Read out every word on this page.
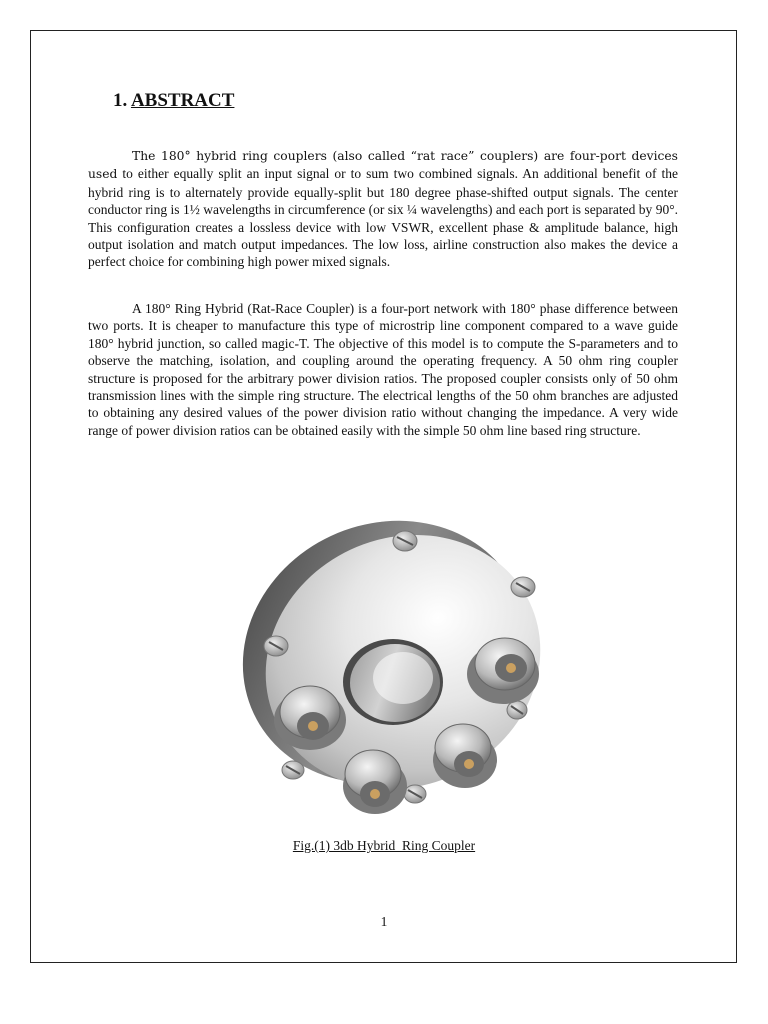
1. ABSTRACT

The 180° hybrid ring couplers (also called “rat race” couplers) are four-port devices used to either equally split an input signal or to sum two combined signals. An additional benefit of the hybrid ring is to alternately provide equally-split but 180 degree phase-shifted output signals. The center conductor ring is 1½ wavelengths in circumference (or six ¼ wavelengths) and each port is separated by 90°. This configuration creates a lossless device with low VSWR, excellent phase & amplitude balance, high output isolation and match output impedances. The low loss, airline construction also makes the device a perfect choice for combining high power mixed signals.

A 180° Ring Hybrid (Rat-Race Coupler) is a four-port network with 180° phase difference between two ports. It is cheaper to manufacture this type of microstrip line component compared to a wave guide 180° hybrid junction, so called magic-T. The objective of this model is to compute the S-parameters and to observe the matching, isolation, and coupling around the operating frequency. A 50 ohm ring coupler structure is proposed for the arbitrary power division ratios. The proposed coupler consists only of 50 ohm transmission lines with the simple ring structure. The electrical lengths of the 50 ohm branches are adjusted to obtaining any desired values of the power division ratio without changing the impedance. A very wide range of power division ratios can be obtained easily with the simple 50 ohm line based ring structure.

Fig.(1) 3db Hybrid  Ring Coupler
1
